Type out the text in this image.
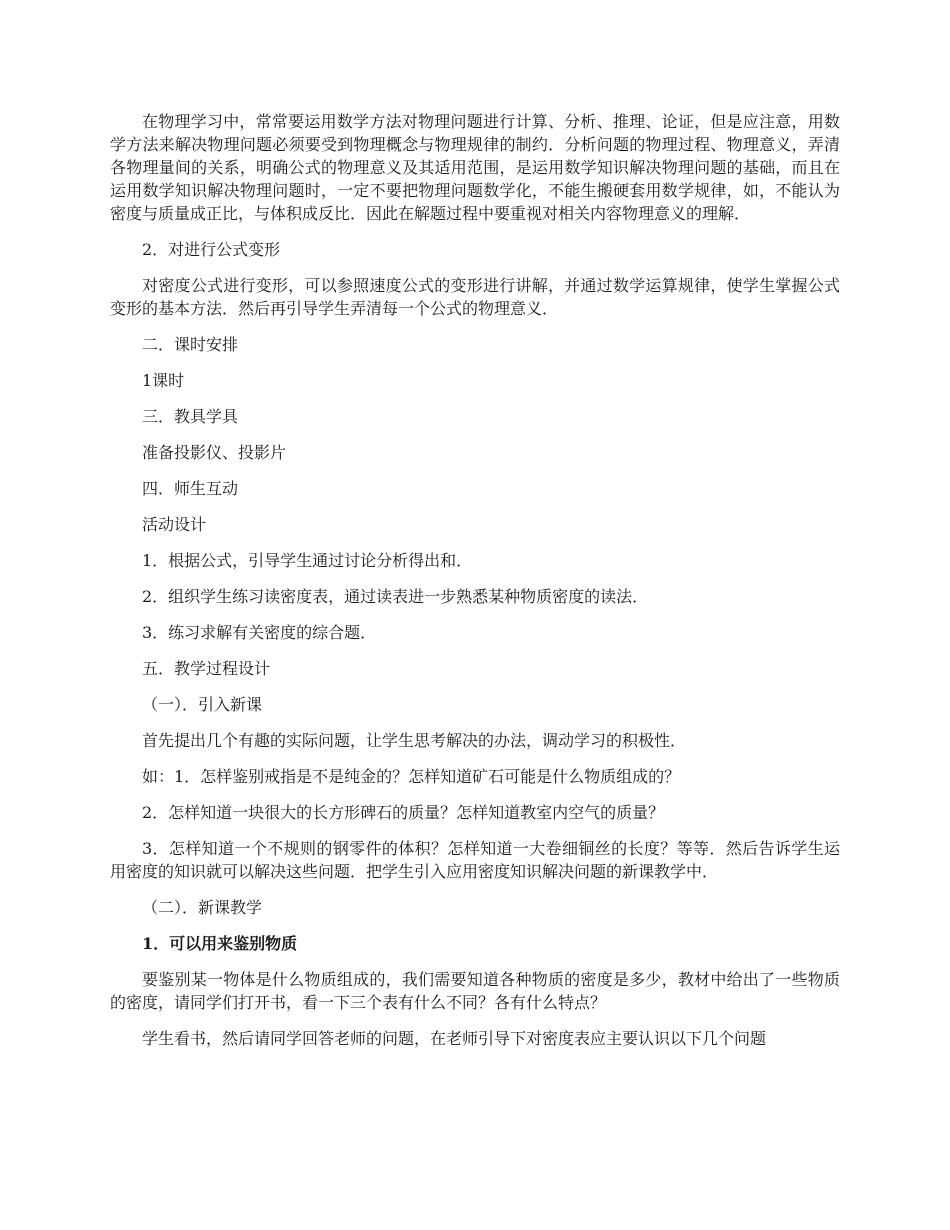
在物理学习中，常常要运用数学方法对物理问题进行计算、分析、推理、论证，但是应注意，用数学方法来解决物理问题必须要受到物理概念与物理规律的制约．分析问题的物理过程、物理意义，弄清各物理量间的关系，明确公式的物理意义及其适用范围，是运用数学知识解决物理问题的基础，而且在运用数学知识解决物理问题时，一定不要把物理问题数学化，不能生搬硬套用数学规律，如，不能认为密度与质量成正比，与体积成反比．因此在解题过程中要重视对相关内容物理意义的理解．

2．对进行公式变形

对密度公式进行变形，可以参照速度公式的变形进行讲解，并通过数学运算规律，使学生掌握公式变形的基本方法．然后再引导学生弄清每一个公式的物理意义．

二．课时安排

1课时

三．教具学具

准备投影仪、投影片

四．师生互动

活动设计

1．根据公式，引导学生通过讨论分析得出和．

2．组织学生练习读密度表，通过读表进一步熟悉某种物质密度的读法．

3．练习求解有关密度的综合题．

五．教学过程设计

（一）．引入新课

首先提出几个有趣的实际问题，让学生思考解决的办法，调动学习的积极性．

如：1．怎样鉴别戒指是不是纯金的？怎样知道矿石可能是什么物质组成的？

2．怎样知道一块很大的长方形碑石的质量？怎样知道教室内空气的质量？

3．怎样知道一个不规则的钢零件的体积？怎样知道一大卷细铜丝的长度？等等．然后告诉学生运用密度的知识就可以解决这些问题．把学生引入应用密度知识解决问题的新课教学中．

（二）．新课教学

1．可以用来鉴别物质

要鉴别某一物体是什么物质组成的，我们需要知道各种物质的密度是多少，教材中给出了一些物质的密度，请同学们打开书，看一下三个表有什么不同？各有什么特点？

学生看书，然后请同学回答老师的问题，在老师引导下对密度表应主要认识以下几个问题
